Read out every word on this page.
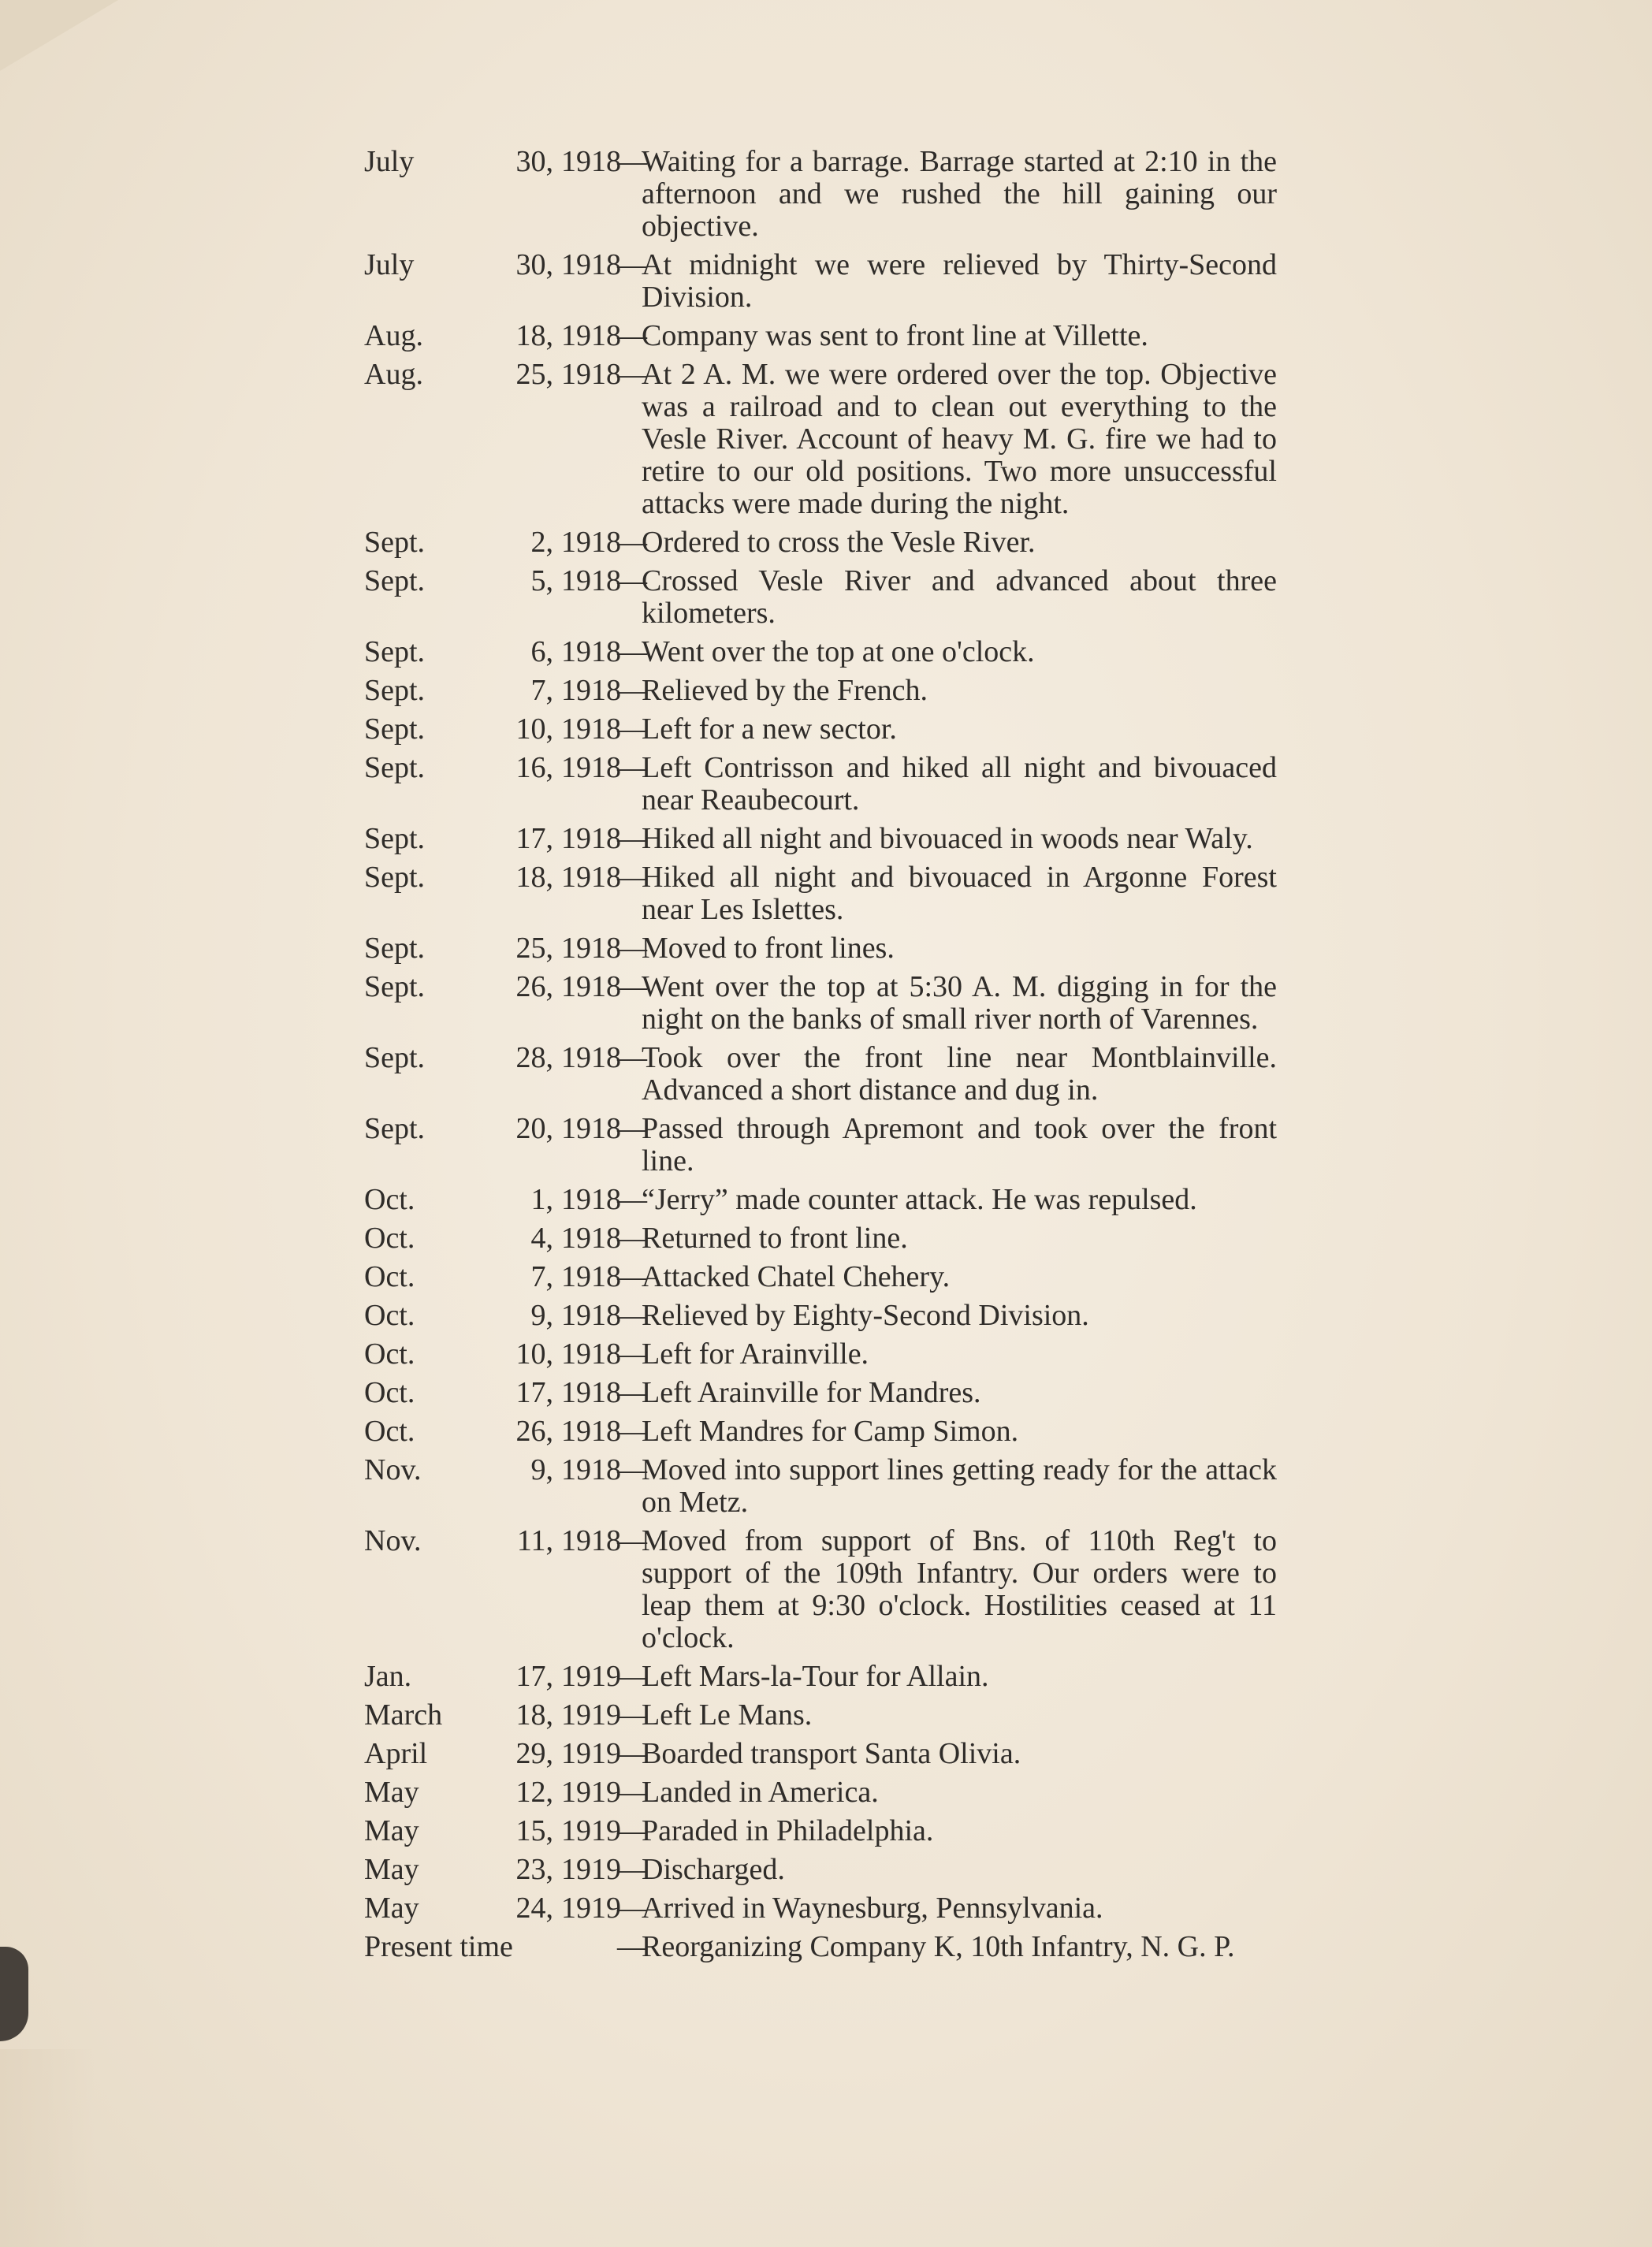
July	30, 1918
—
Waiting for a barrage. Barrage started at 2:10 in the afternoon and we rushed the hill gaining our objective.
July	30, 1918
—
At midnight we were relieved by Thirty-Second Division.
Aug.	18, 1918
—
Company was sent to front line at Villette.
Aug.	25, 1918
—
At 2 A. M. we were ordered over the top. Objective was a railroad and to clean out everything to the Vesle River. Account of heavy M. G. fire we had to retire to our old positions. Two more unsuccessful attacks were made during the night.
Sept.	2, 1918
—
Ordered to cross the Vesle River.
Sept.	5, 1918
—
Crossed Vesle River and advanced about three kilometers.
Sept.	6, 1918
—
Went over the top at one o'clock.
Sept.	7, 1918
—
Relieved by the French.
Sept.	10, 1918
—
Left for a new sector.
Sept.	16, 1918
—
Left Contrisson and hiked all night and bivouaced near Reaubecourt.
Sept.	17, 1918
—
Hiked all night and bivouaced in woods near Waly.
Sept.	18, 1918
—
Hiked all night and bivouaced in Argonne Forest near Les Islettes.
Sept.	25, 1918
—
Moved to front lines.
Sept.	26, 1918
—
Went over the top at 5:30 A. M. digging in for the night on the banks of small river north of Varennes.
Sept.	28, 1918
—
Took over the front line near Montblainville. Advanced a short distance and dug in.
Sept.	20, 1918
—
Passed through Apremont and took over the front line.
Oct.	1, 1918
—
“Jerry” made counter attack. He was repulsed.
Oct.	4, 1918
—
Returned to front line.
Oct.	7, 1918
—
Attacked Chatel Chehery.
Oct.	9, 1918
—
Relieved by Eighty-Second Division.
Oct.	10, 1918
—
Left for Arainville.
Oct.	17, 1918
—
Left Arainville for Mandres.
Oct.	26, 1918
—
Left Mandres for Camp Simon.
Nov.	9, 1918
—
Moved into support lines getting ready for the attack on Metz.
Nov.	11, 1918
—
Moved from support of Bns. of 110th Reg't to support of the 109th Infantry. Our orders were to leap them at 9:30 o'clock. Hostilities ceased at 11 o'clock.
Jan.	17, 1919
—
Left Mars-la-Tour for Allain.
March	18, 1919
—
Left Le Mans.
April	29, 1919
—
Boarded transport Santa Olivia.
May	12, 1919
—
Landed in America.
May	15, 1919
—
Paraded in Philadelphia.
May	23, 1919
—
Discharged.
May	24, 1919
—
Arrived in Waynesburg, Pennsylvania.
Present time	—
Reorganizing Company K, 10th Infantry, N. G. P.
